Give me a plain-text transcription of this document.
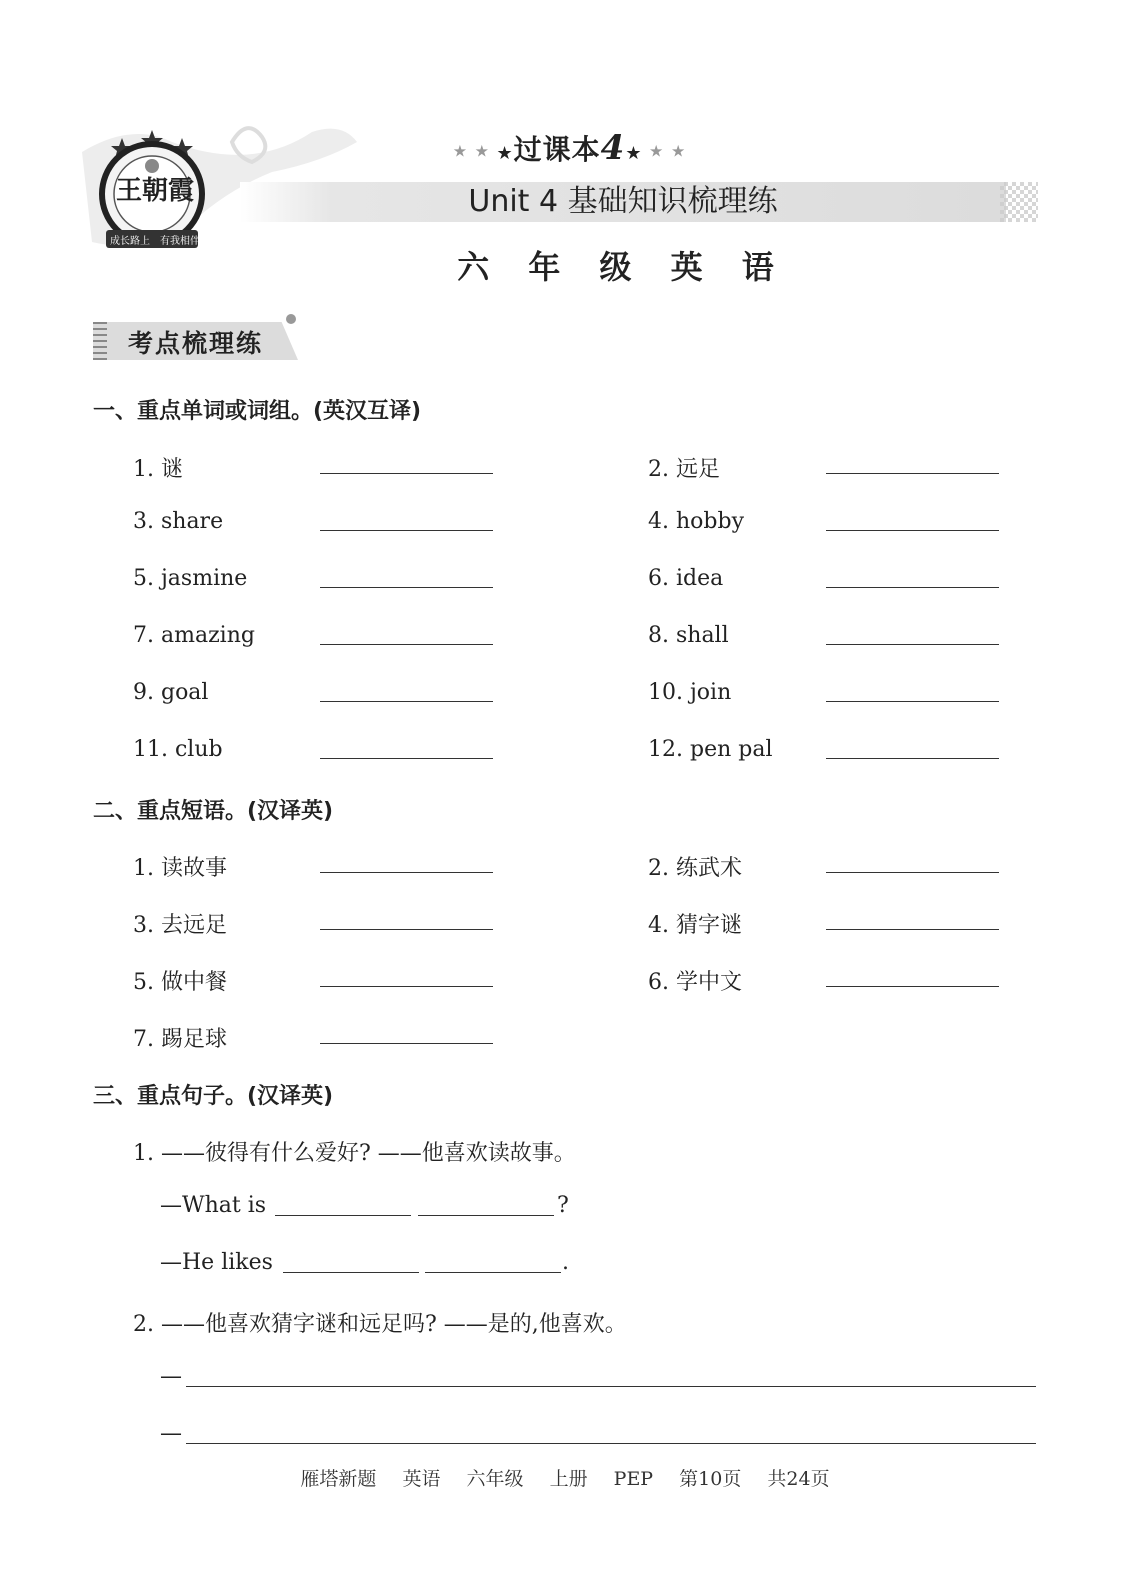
王朝霞
成长路上 有我相伴
★ ★ ★过课本4★ ★ ★
Unit 4 基础知识梳理练
六 年 级 英 语
考点梳理练
一、重点单词或词组。(英汉互译)
1. 谜	2. 远足
3. share	4. hobby
5. jasmine	6. idea
7. amazing	8. shall
9. goal	10. join
11. club	12. pen pal
二、重点短语。(汉译英)
1. 读故事	2. 练武术
3. 去远足	4. 猜字谜
5. 做中餐	6. 学中文
7. 踢足球
三、重点句子。(汉译英)
1. ——彼得有什么爱好? ——他喜欢读故事。
—What is	?
—He likes	.
2. ——他喜欢猜字谜和远足吗? ——是的,他喜欢。
—
—
雁塔新题 英语 六年级 上册 PEP 第10页 共24页
